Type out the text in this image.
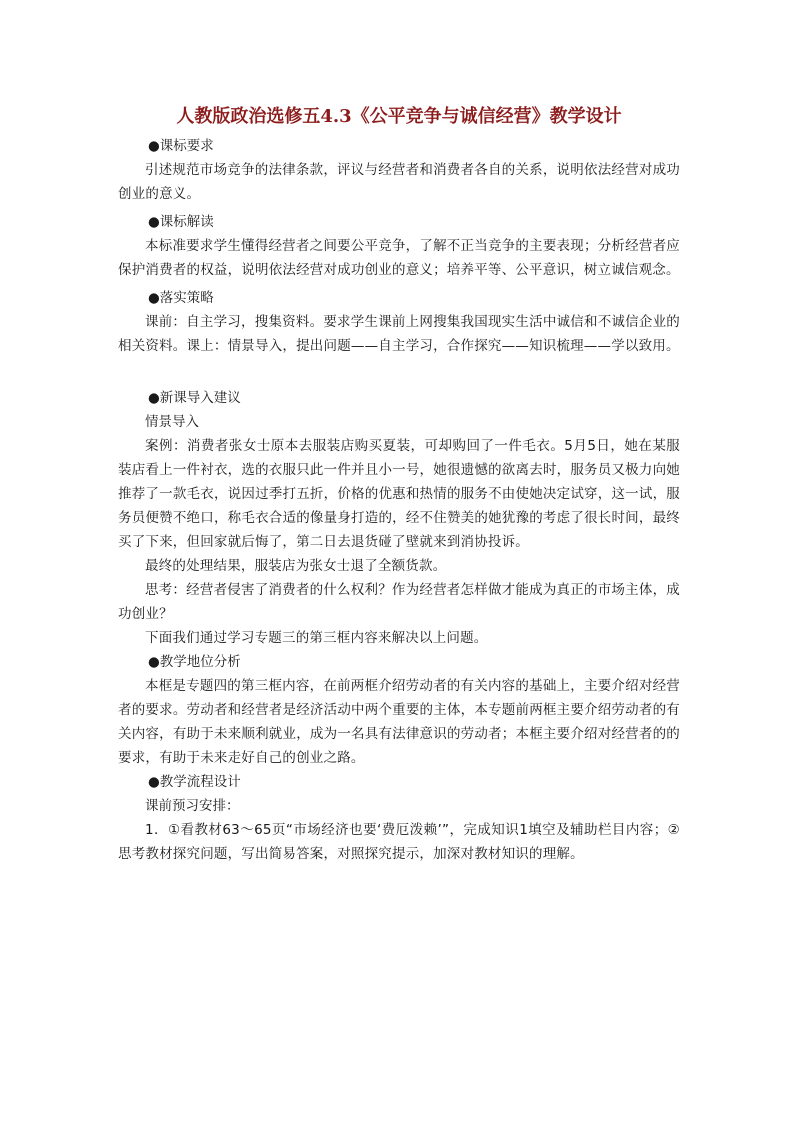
人教版政治选修五4.3《公平竞争与诚信经营》教学设计

●课标要求

引述规范市场竞争的法律条款，评议与经营者和消费者各自的关系，说明依法经营对成功创业的意义。

●课标解读

本标准要求学生懂得经营者之间要公平竞争，了解不正当竞争的主要表现；分析经营者应保护消费者的权益，说明依法经营对成功创业的意义；培养平等、公平意识，树立诚信观念。

●落实策略

课前：自主学习，搜集资料。要求学生课前上网搜集我国现实生活中诚信和不诚信企业的相关资料。课上：情景导入，提出问题——自主学习，合作探究——知识梳理——学以致用。

●新课导入建议

情景导入

案例：消费者张女士原本去服装店购买夏装，可却购回了一件毛衣。5月5日，她在某服装店看上一件衬衣，选的衣服只此一件并且小一号，她很遗憾的欲离去时，服务员又极力向她推荐了一款毛衣，说因过季打五折，价格的优惠和热情的服务不由使她决定试穿，这一试，服务员便赞不绝口，称毛衣合适的像量身打造的，经不住赞美的她犹豫的考虑了很长时间，最终买了下来，但回家就后悔了，第二日去退货碰了壁就来到消协投诉。

最终的处理结果，服装店为张女士退了全额货款。

思考：经营者侵害了消费者的什么权利？作为经营者怎样做才能成为真正的市场主体，成功创业？

下面我们通过学习专题三的第三框内容来解决以上问题。

●教学地位分析

本框是专题四的第三框内容，在前两框介绍劳动者的有关内容的基础上，主要介绍对经营者的要求。劳动者和经营者是经济活动中两个重要的主体，本专题前两框主要介绍劳动者的有关内容，有助于未来顺利就业，成为一名具有法律意识的劳动者；本框主要介绍对经营者的的要求，有助于未来走好自己的创业之路。

●教学流程设计

课前预习安排：

1．①看教材63～65页“市场经济也要‘费厄泼赖’”，完成知识1填空及辅助栏目内容；②思考教材探究问题，写出简易答案，对照探究提示，加深对教材知识的理解。
